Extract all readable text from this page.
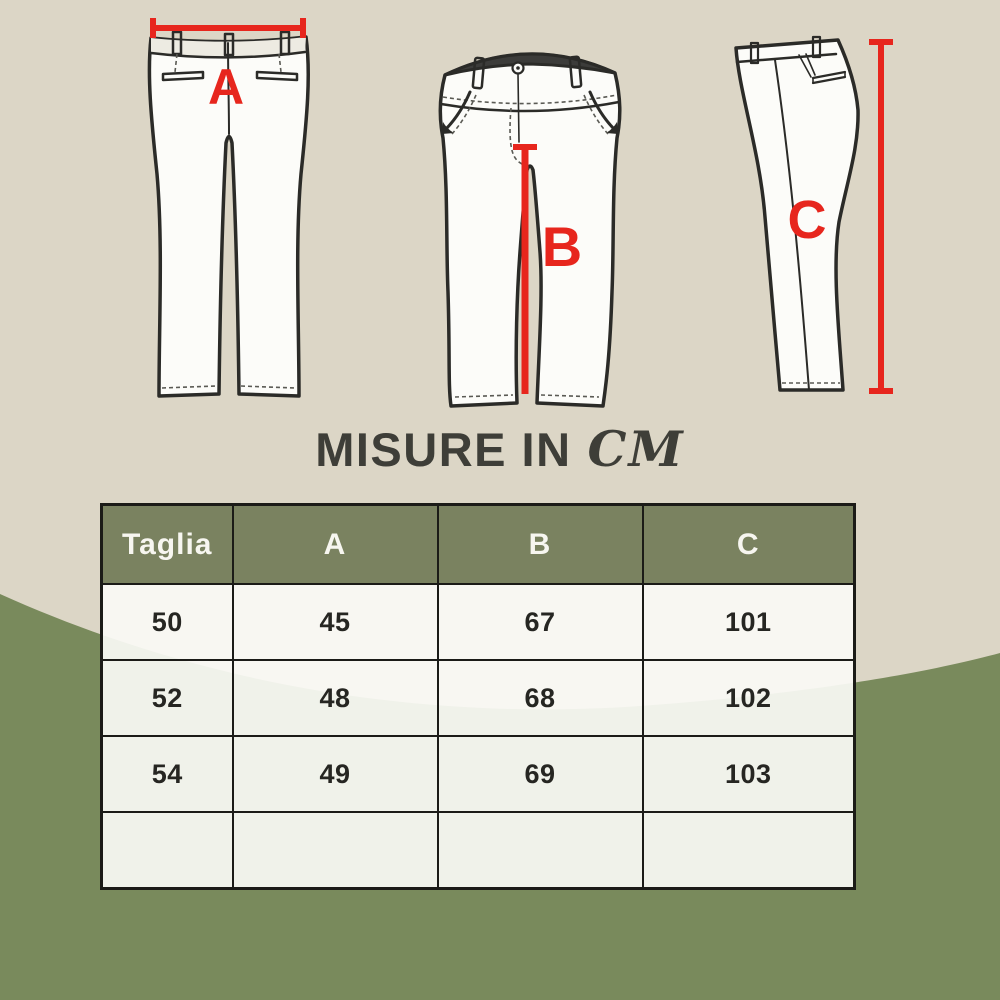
A
B	C
MISURE IN CM
Taglia	A	B	C
50	45	67	101
52	48	68	102
54	49	69	103
